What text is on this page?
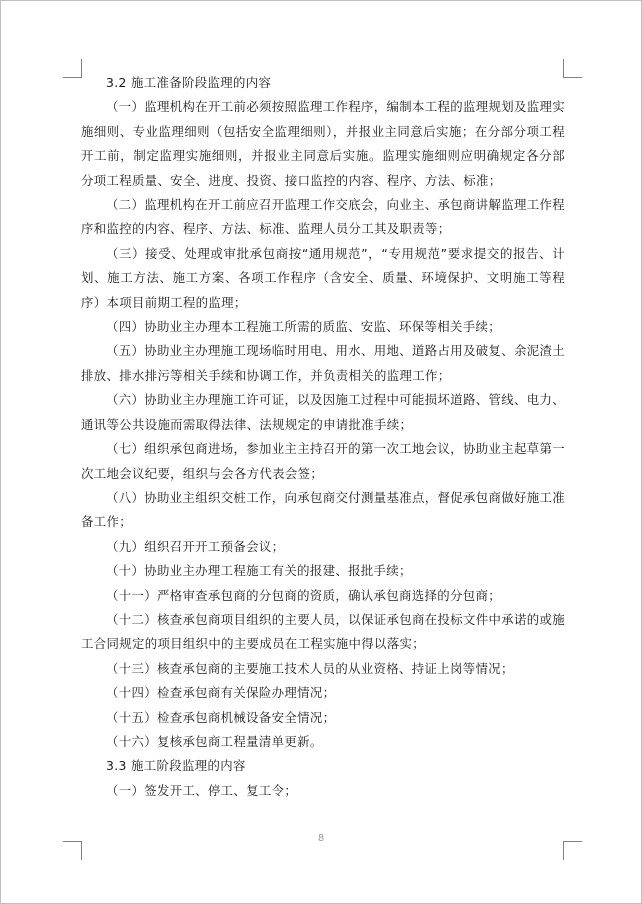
3.2 施工准备阶段监理的内容

（一）监理机构在开工前必须按照监理工作程序，编制本工程的监理规划及监理实施细则、专业监理细则（包括安全监理细则），并报业主同意后实施；在分部分项工程开工前，制定监理实施细则，并报业主同意后实施。监理实施细则应明确规定各分部分项工程质量、安全、进度、投资、接口监控的内容、程序、方法、标准；

（二）监理机构在开工前应召开监理工作交底会，向业主、承包商讲解监理工作程序和监控的内容、程序、方法、标准、监理人员分工其及职责等；

（三）接受、处理或审批承包商按“通用规范”，“专用规范”要求提交的报告、计划、施工方法、施工方案、各项工作程序（含安全、质量、环境保护、文明施工等程序）本项目前期工程的监理；

（四）协助业主办理本工程施工所需的质监、安监、环保等相关手续；

（五）协助业主办理施工现场临时用电、用水、用地、道路占用及破复、余泥渣土排放、排水排污等相关手续和协调工作，并负责相关的监理工作；

（六）协助业主办理施工许可证，以及因施工过程中可能损坏道路、管线、电力、通讯等公共设施而需取得法律、法规规定的申请批准手续；

（七）组织承包商进场，参加业主主持召开的第一次工地会议，协助业主起草第一次工地会议纪要，组织与会各方代表会签；

（八）协助业主组织交桩工作，向承包商交付测量基准点，督促承包商做好施工准备工作；

（九）组织召开开工预备会议；

（十）协助业主办理工程施工有关的报建、报批手续；

（十一）严格审查承包商的分包商的资质，确认承包商选择的分包商；

（十二）核查承包商项目组织的主要人员，以保证承包商在投标文件中承诺的或施工合同规定的项目组织中的主要成员在工程实施中得以落实；

（十三）核查承包商的主要施工技术人员的从业资格、持证上岗等情况；

（十四）检查承包商有关保险办理情况；

（十五）检查承包商机械设备安全情况；

（十六）复核承包商工程量清单更新。

3.3 施工阶段监理的内容

（一）签发开工、停工、复工令；

8
